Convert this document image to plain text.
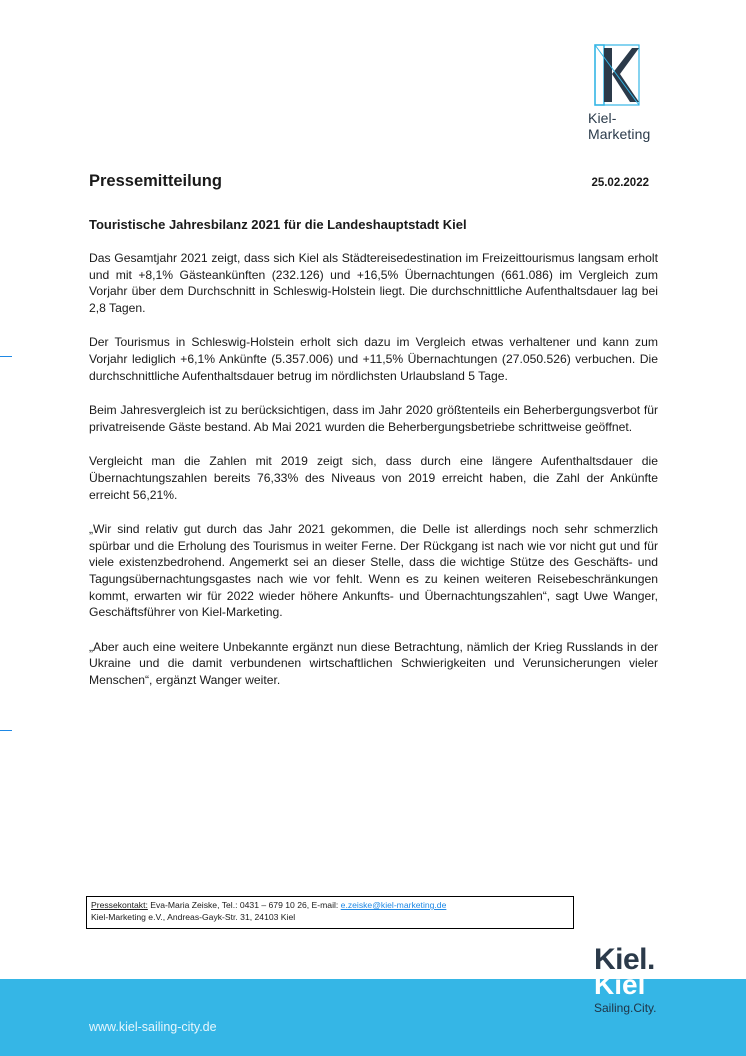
Kiel-Marketing
Pressemitteilung	25.02.2022
Touristische Jahresbilanz 2021 für die Landeshauptstadt Kiel

Das Gesamtjahr 2021 zeigt, dass sich Kiel als Städtereisedestination im Freizeittourismus langsam erholt und mit +8,1% Gästeankünften (232.126) und +16,5% Übernachtungen (661.086) im Vergleich zum Vorjahr über dem Durchschnitt in Schleswig-Holstein liegt. Die durchschnittliche Aufenthaltsdauer lag bei 2,8 Tagen.

Der Tourismus in Schleswig-Holstein erholt sich dazu im Vergleich etwas verhaltener und kann zum Vorjahr lediglich +6,1% Ankünfte (5.357.006) und +11,5% Übernachtungen (27.050.526) verbuchen. Die durchschnittliche Aufenthaltsdauer betrug im nördlichsten Urlaubsland 5 Tage.

Beim Jahresvergleich ist zu berücksichtigen, dass im Jahr 2020 größtenteils ein Beherbergungsverbot für privatreisende Gäste bestand. Ab Mai 2021 wurden die Beherbergungsbetriebe schrittweise geöffnet.

Vergleicht man die Zahlen mit 2019 zeigt sich, dass durch eine längere Aufenthaltsdauer die Übernachtungszahlen bereits 76,33% des Niveaus von 2019 erreicht haben, die Zahl der Ankünfte erreicht 56,21%.

„Wir sind relativ gut durch das Jahr 2021 gekommen, die Delle ist allerdings noch sehr schmerzlich spürbar und die Erholung des Tourismus in weiter Ferne. Der Rückgang ist nach wie vor nicht gut und für viele existenzbedrohend. Angemerkt sei an dieser Stelle, dass die wichtige Stütze des Geschäfts- und Tagungsübernachtungsgastes nach wie vor fehlt. Wenn es zu keinen weiteren Reisebeschränkungen kommt, erwarten wir für 2022 wieder höhere Ankunfts- und Übernachtungszahlen“, sagt Uwe Wanger, Geschäftsführer von Kiel-Marketing.

„Aber auch eine weitere Unbekannte ergänzt nun diese Betrachtung, nämlich der Krieg Russlands in der Ukraine und die damit verbundenen wirtschaftlichen Schwierigkeiten und Verunsicherungen vieler Menschen“, ergänzt Wanger weiter.

Pressekontakt: Eva-Maria Zeiske, Tel.: 0431 – 679 10 26, E-mail: e.zeiske@kiel-marketing.de
Kiel-Marketing e.V., Andreas-Gayk-Str. 31, 24103 Kiel
www.kiel-sailing-city.de
Kiel.
Kiel
Sailing.City.
